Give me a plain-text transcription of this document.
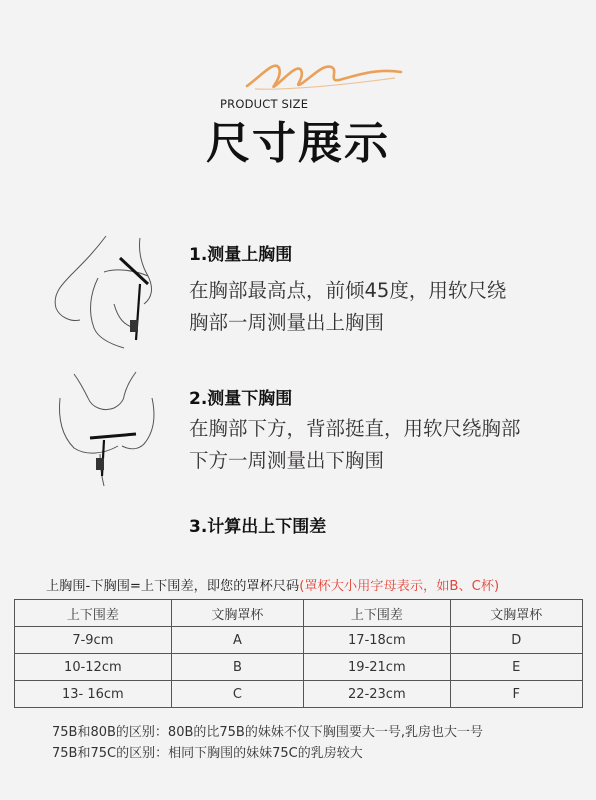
PRODUCT SIZE
尺寸展示
1.测量上胸围
在胸部最高点，前倾45度，用软尺绕
胸部一周测量出上胸围
2.测量下胸围
在胸部下方，背部挺直，用软尺绕胸部
下方一周测量出下胸围
3.计算出上下围差
上胸围-下胸围=上下围差，即您的罩杯尺码(罩杯大小用字母表示，如B、C杯)
上下围差	文胸罩杯	上下围差	文胸罩杯
7-9cm	A	17-18cm	D
10-12cm	B	19-21cm	E
13- 16cm	C	22-23cm	F
75B和80B的区别：80B的比75B的妹妹不仅下胸围要大一号,乳房也大一号
75B和75C的区别：相同下胸围的妹妹75C的乳房较大
